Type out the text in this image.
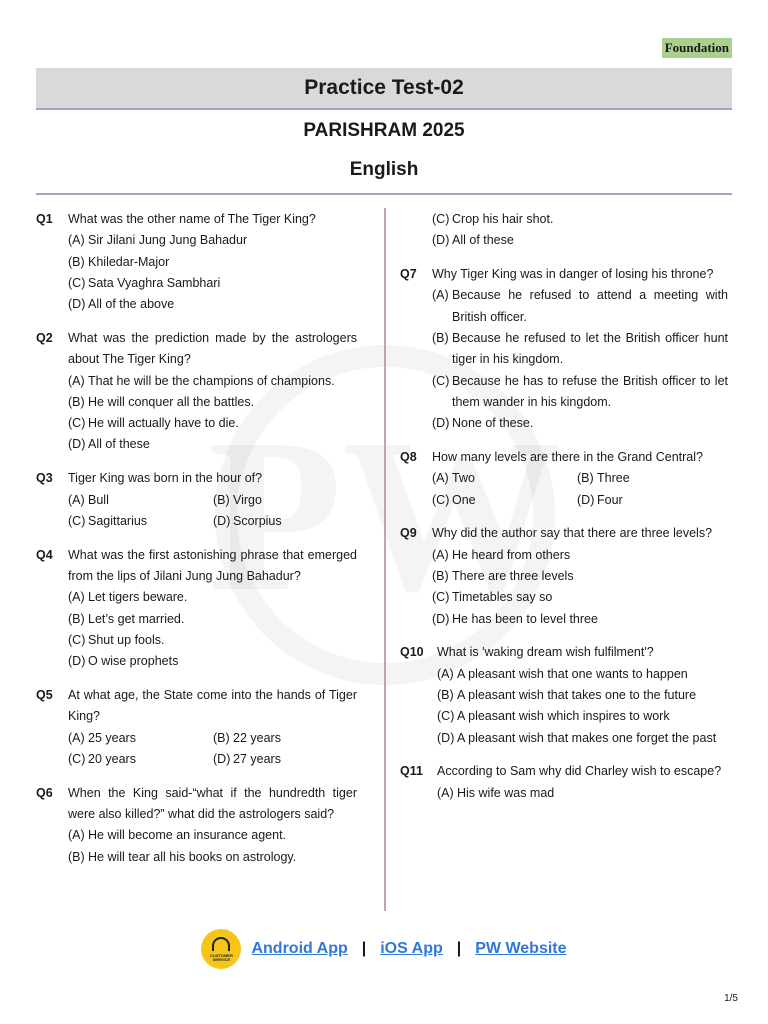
Foundation
Practice Test-02
PARISHRAM 2025
English
Q1	What was the other name of The Tiger King?
(A) Sir Jilani Jung Jung Bahadur
(B) Khiledar-Major
(C) Sata Vyaghra Sambhari
(D) All of the above
Q2	What was the prediction made by the astrologers about The Tiger King?
(A) That he will be the champions of champions.
(B) He will conquer all the battles.
(C) He will actually have to die.
(D) All of these
Q3	Tiger King was born in the hour of?
(A) Bull	(B) Virgo
(C) Sagittarius	(D) Scorpius
Q4	What was the first astonishing phrase that emerged from the lips of Jilani Jung Jung Bahadur?
(A) Let tigers beware.
(B) Let’s get married.
(C) Shut up fools.
(D) O wise prophets
Q5	At what age, the State come into the hands of Tiger King?
(A) 25 years	(B) 22 years
(C) 20 years	(D) 27 years
Q6	When the King said-“what if the hundredth tiger were also killed?” what did the astrologers said?
(A) He will become an insurance agent.
(B) He will tear all his books on astrology.
(C) Crop his hair shot.
(D) All of these
Q7	Why Tiger King was in danger of losing his throne?
(A) Because he refused to attend a meeting with British officer.
(B) Because he refused to let the British officer hunt tiger in his kingdom.
(C) Because he has to refuse the British officer to let them wander in his kingdom.
(D) None of these.
Q8	How many levels are there in the Grand Central?
(A) Two	(B) Three
(C) One	(D) Four
Q9	Why did the author say that there are three levels?
(A) He heard from others
(B) There are three levels
(C) Timetables say so
(D) He has been to level three
Q10	What is 'waking dream wish fulfilment'?
(A) A pleasant wish that one wants to happen
(B) A pleasant wish that takes one to the future
(C) A pleasant wish which inspires to work
(D) A pleasant wish that makes one forget the past
Q11	According to Sam why did Charley wish to escape?
(A) His wife was mad
CUSTOMER SERVICE
Android App | iOS App | PW Website
1/5
